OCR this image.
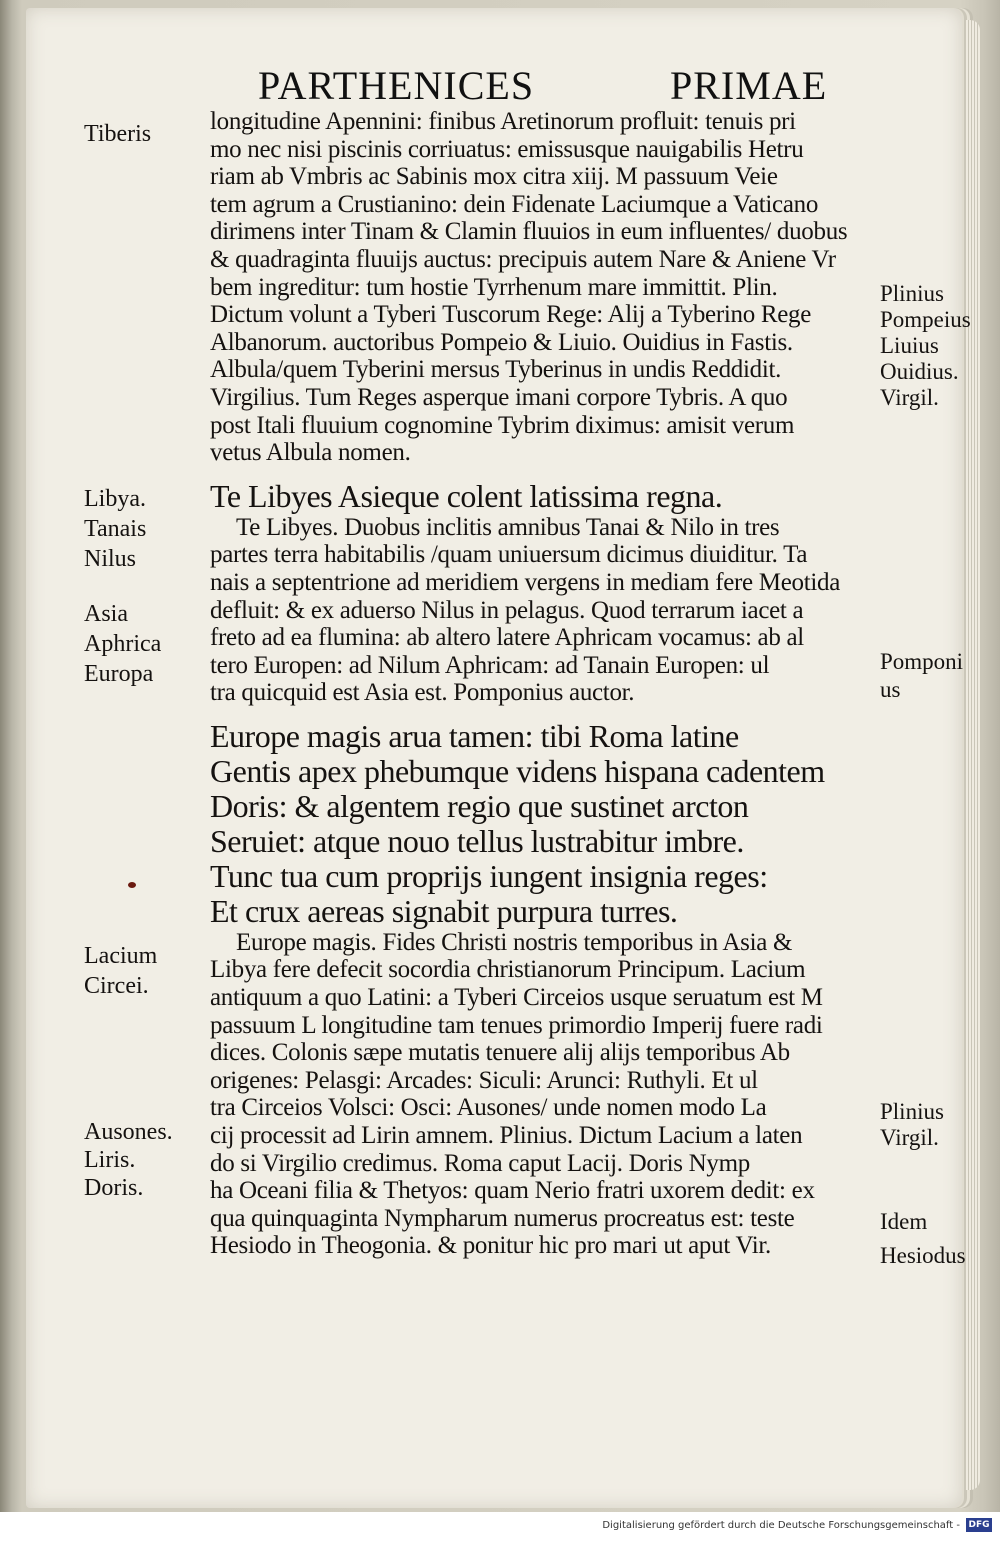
PARTHENICES	PRIMAE
longitudine Apennini: finibus Aretinorum profluit: tenuis pri
mo nec nisi piscinis corriuatus: emissusque nauigabilis Hetru
riam ab Vmbris ac Sabinis mox citra xiij. M passuum Veie
tem agrum a Crustianino: dein Fidenate Laciumque a Vaticano
dirimens inter Tinam & Clamin fluuios in eum influentes/ duobus
& quadraginta fluuijs auctus: precipuis autem Nare & Aniene Vr
bem ingreditur: tum hostie Tyrrhenum mare immittit. Plin.
Dictum volunt a Tyberi Tuscorum Rege: Alij a Tyberino Rege
Albanorum. auctoribus Pompeio & Liuio. Ouidius in Fastis.
Albula/quem Tyberini mersus Tyberinus in undis Reddidit.
Virgilius. Tum Reges asperque imani corpore Tybris. A quo
post Itali fluuium cognomine Tybrim diximus: amisit verum
vetus Albula nomen.
Te Libyes Asieque colent latissima regna.
Te Libyes. Duobus inclitis amnibus Tanai & Nilo in tres
partes terra habitabilis /quam uniuersum dicimus diuiditur. Ta
nais a septentrione ad meridiem vergens in mediam fere Meotida
defluit: & ex aduerso Nilus in pelagus. Quod terrarum iacet a
freto ad ea flumina: ab altero latere Aphricam vocamus: ab al
tero Europen: ad Nilum Aphricam: ad Tanain Europen: ul
tra quicquid est Asia est. Pomponius auctor.
Europe magis arua tamen: tibi Roma latine
Gentis apex phebumque videns hispana cadentem
Doris: & algentem regio que sustinet arcton
Seruiet: atque nouo tellus lustrabitur imbre.
Tunc tua cum proprijs iungent insignia reges:
Et crux aereas signabit purpura turres.
Europe magis. Fides Christi nostris temporibus in Asia &
Libya fere defecit socordia christianorum Principum. Lacium
antiquum a quo Latini: a Tyberi Circeios usque seruatum est M
passuum L longitudine tam tenues primordio Imperij fuere radi
dices. Colonis sæpe mutatis tenuere alij alijs temporibus Ab
origenes: Pelasgi: Arcades: Siculi: Arunci: Ruthyli. Et ul
tra Circeios Volsci: Osci: Ausones/ unde nomen modo La
cij processit ad Lirin amnem. Plinius. Dictum Lacium a laten
do si Virgilio credimus. Roma caput Lacij. Doris Nymp
ha Oceani filia & Thetyos: quam Nerio fratri uxorem dedit: ex
qua quinquaginta Nympharum numerus procreatus est: teste
Hesiodo in Theogonia. & ponitur hic pro mari ut aput Vir.
Tiberis
Libya.
Tanais
Nilus
Asia
Aphrica
Europa
Lacium
Circei.
Ausones.
Liris.
Doris.
Plinius
Pompeius
Liuius
Ouidius.
Virgil.
Pomponi
us
Plinius
Virgil.
Idem
Hesiodus
Digitalisierung gefördert durch die Deutsche Forschungsgemeinschaft - DFG
